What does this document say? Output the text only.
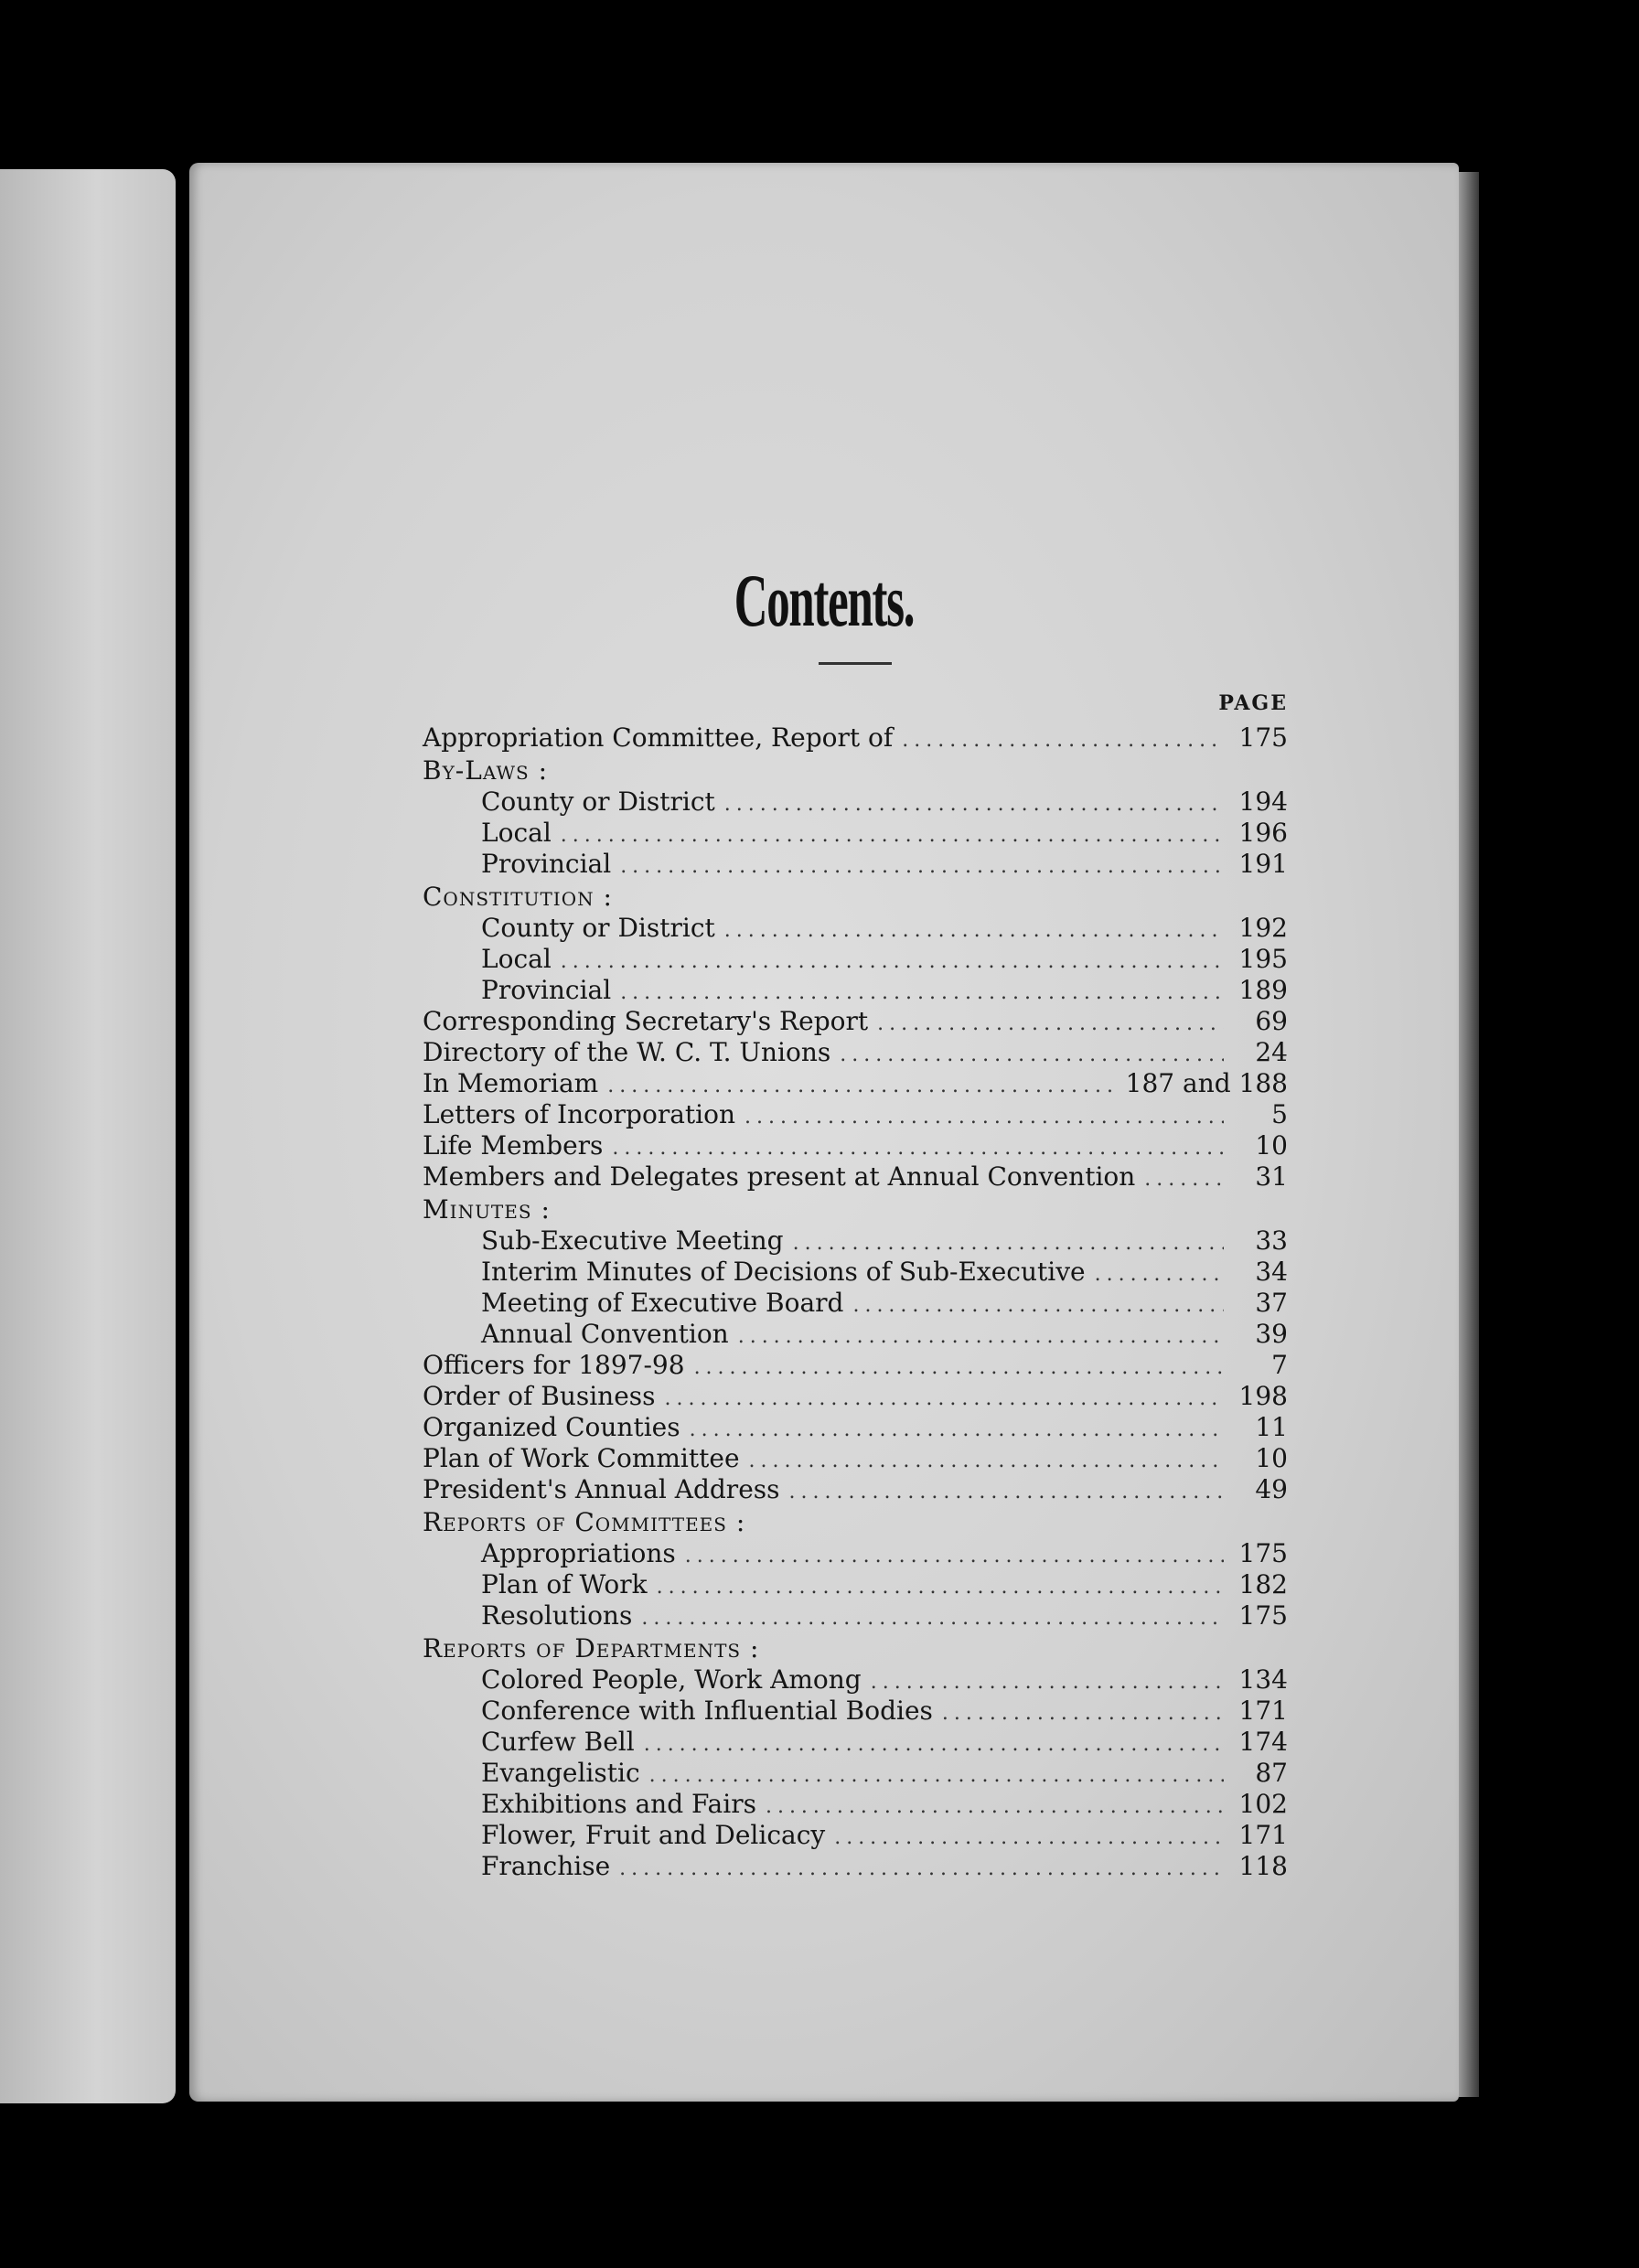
Contents.
PAGE
Appropriation Committee, Report of .....	175
By-Laws :
County or District .....	194
Local .....	196
Provincial .....	191
Constitution :
County or District .....	192
Local .....	195
Provincial .....	189
Corresponding Secretary's Report .....	69
Directory of the W. C. T. Unions .....	24
In Memoriam .....	187 and 188
Letters of Incorporation .....	5
Life Members .....	10
Members and Delegates present at Annual Convention .....	31
Minutes :
Sub-Executive Meeting .....	33
Interim Minutes of Decisions of Sub-Executive .....	34
Meeting of Executive Board .....	37
Annual Convention .....	39
Officers for 1897-98 .....	7
Order of Business .....	198
Organized Counties .....	11
Plan of Work Committee .....	10
President's Annual Address .....	49
Reports of Committees :
Appropriations .....	175
Plan of Work .....	182
Resolutions .....	175
Reports of Departments :
Colored People, Work Among .....	134
Conference with Influential Bodies .....	171
Curfew Bell .....	174
Evangelistic .....	87
Exhibitions and Fairs .....	102
Flower, Fruit and Delicacy .....	171
Franchise .....	118
